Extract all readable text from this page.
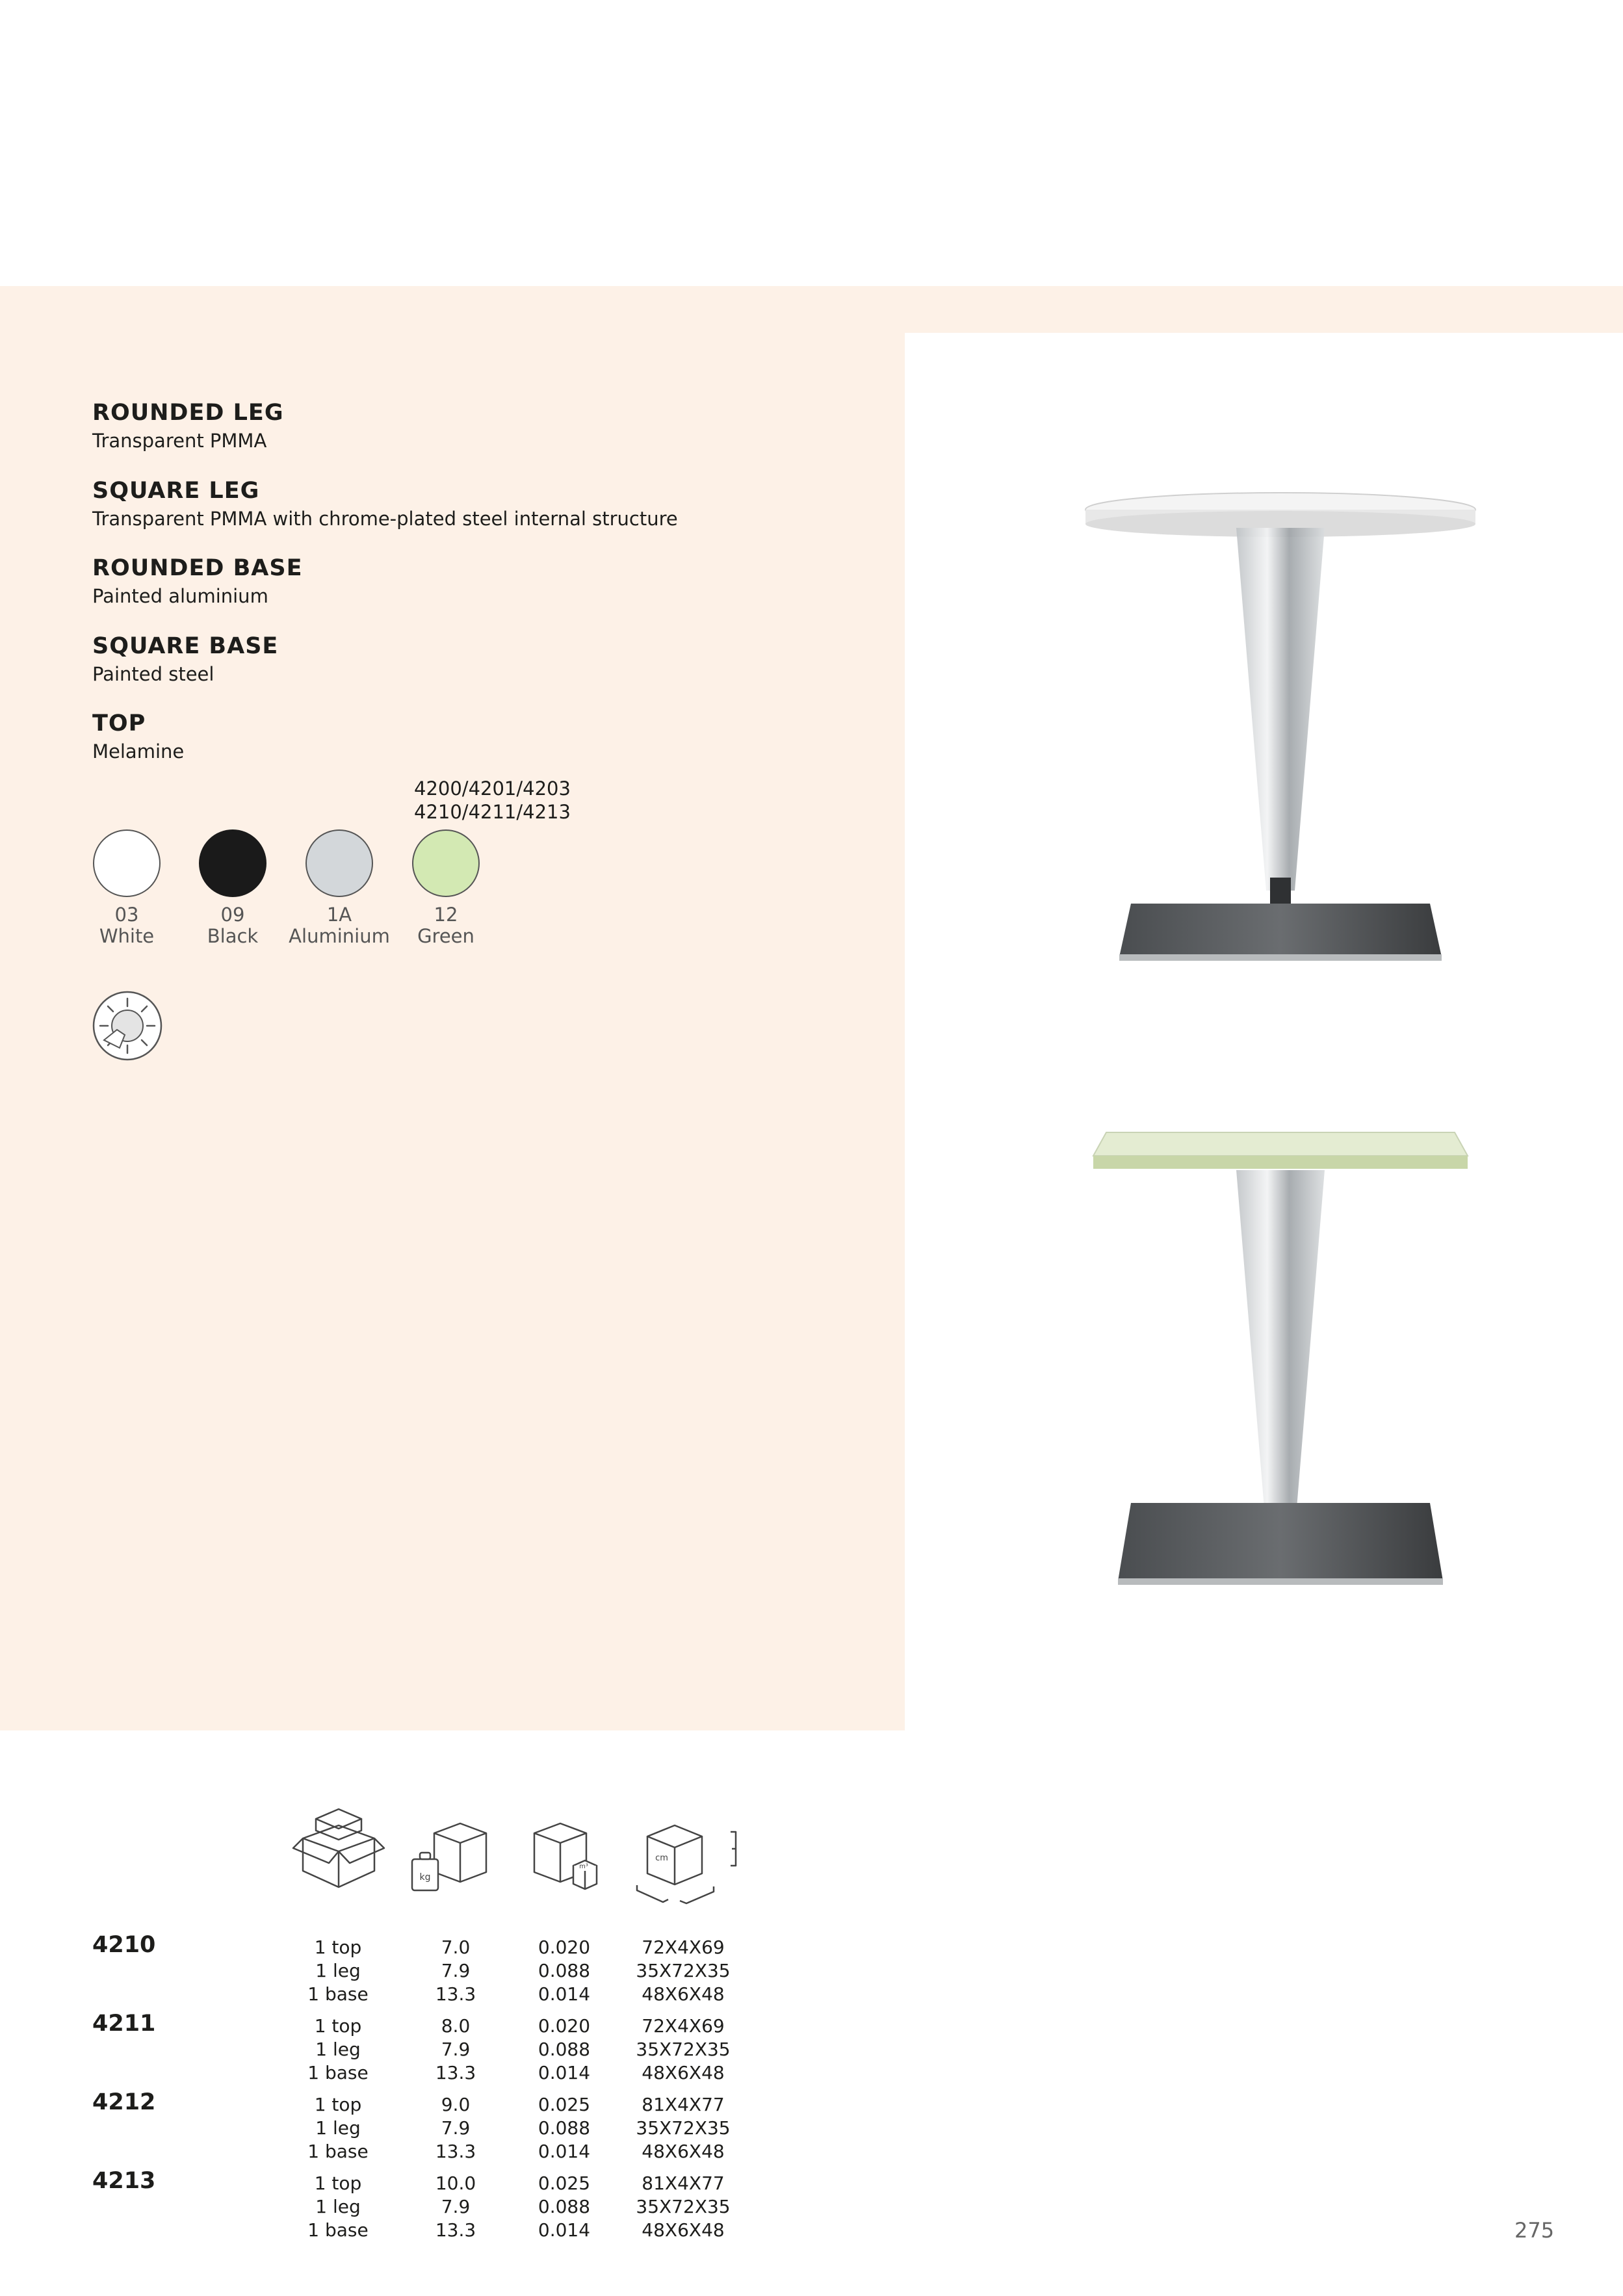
ROUNDED LEG

Transparent PMMA

SQUARE LEG

Transparent PMMA with chrome-plated steel internal structure

ROUNDED BASE

Painted aluminium

SQUARE BASE

Painted steel

TOP

Melamine

4200/4201/4203
4210/4211/4213
03
White
09
Black
1A
Aluminium
12
Green
kg
m³
cm
4210	1 top	7.0	0.020	72X4X69
1 leg	7.9	0.088	35X72X35
1 base	13.3	0.014	48X6X48
4211	1 top	8.0	0.020	72X4X69
1 leg	7.9	0.088	35X72X35
1 base	13.3	0.014	48X6X48
4212	1 top	9.0	0.025	81X4X77
1 leg	7.9	0.088	35X72X35
1 base	13.3	0.014	48X6X48
4213	1 top	10.0	0.025	81X4X77
1 leg	7.9	0.088	35X72X35
1 base	13.3	0.014	48X6X48	275
